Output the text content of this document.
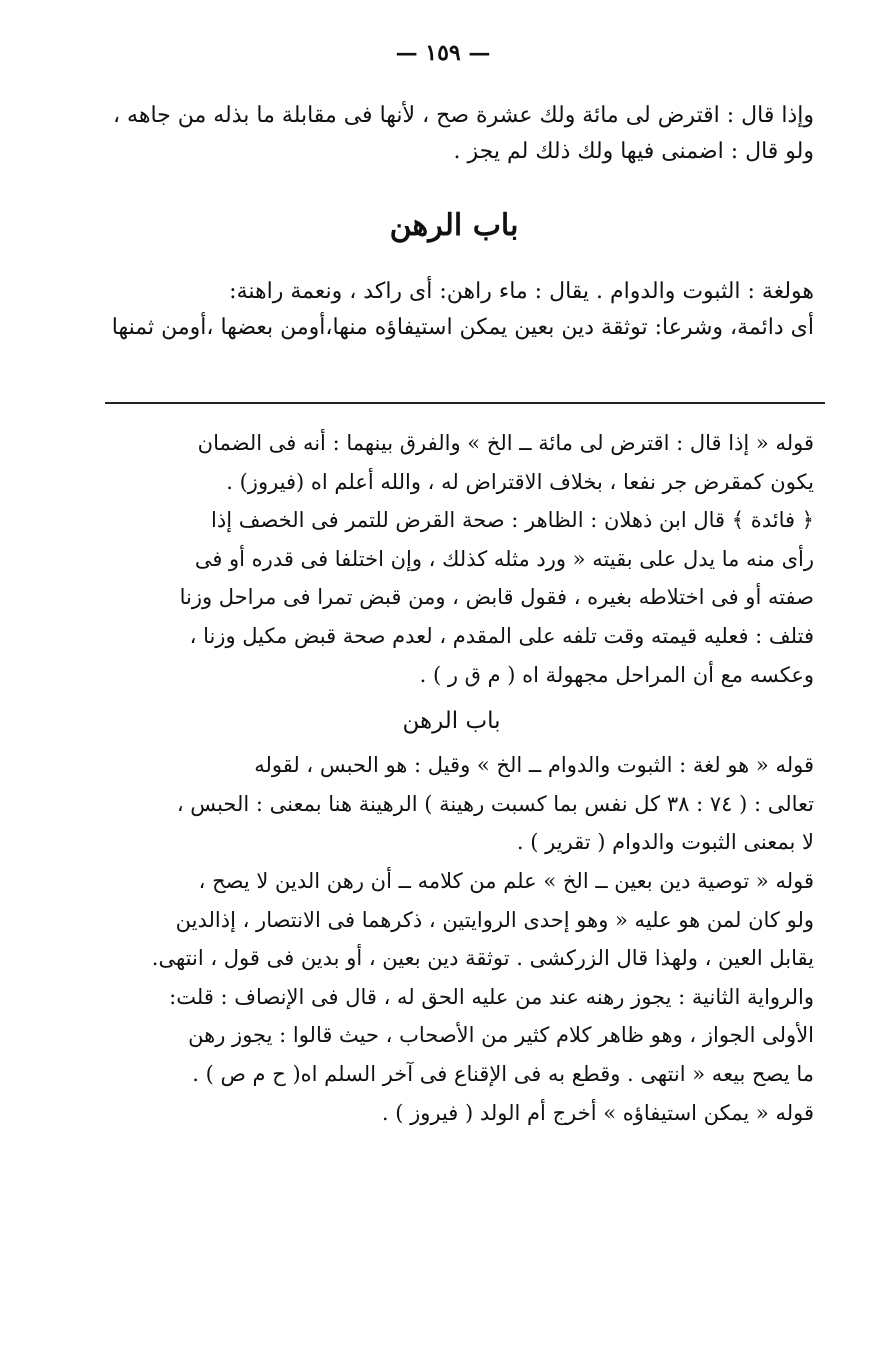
— ١٥٩ —
وإذا قال : اقترض لى مائة ولك عشرة صح ، لأنها فى مقابلة ما بذله من جاهه ،
ولو قال : اضمنى فيها ولك ذلك لم يجز .
باب الرهن
هولغة : الثبوت والدوام . يقال : ماء راهن: أى راكد ، ونعمة راهنة:
أى دائمة، وشرعا: توثقة دين بعين يمكن استيفاؤه منها،أومن بعضها ،أومن ثمنها
قوله « إذا قال : اقترض لى مائة ــ الخ » والفرق بينهما : أنه فى الضمان
يكون كمقرض جر نفعا ، بخلاف الاقتراض له ، والله أعلم اه (فيروز) .
﴿ فائدة ﴾ قال ابن ذهلان : الظاهر : صحة القرض للتمر فى الخصف إذا
رأى منه ما يدل على بقيته « ورد مثله كذلك ، وإن اختلفا فى قدره أو فى
صفته أو فى اختلاطه بغيره ، فقول قابض ، ومن قبض تمرا فى مراحل وزنا
فتلف : فعليه قيمته وقت تلفه على المقدم ، لعدم صحة قبض مكيل وزنا ،
وعكسه مع أن المراحل مجهولة اه ( م ق ر ) .
باب الرهن
قوله « هو لغة : الثبوت والدوام ــ الخ » وقيل : هو الحبس ، لقوله
تعالى : ( ٧٤ : ٣٨ كل نفس بما كسبت رهينة ) الرهينة هنا بمعنى : الحبس ،
لا بمعنى الثبوت والدوام ( تقرير ) .
قوله « توصية دين بعين ــ الخ » علم من كلامه ــ أن رهن الدين لا يصح ،
ولو كان لمن هو عليه « وهو إحدى الروايتين ، ذكرهما فى الانتصار ، إذالدين
يقابل العين ، ولهذا قال الزركشى . توثقة دين بعين ، أو بدين فى قول ، انتهى.
والرواية الثانية : يجوز رهنه عند من عليه الحق له ، قال فى الإنصاف : قلت:
الأولى الجواز ، وهو ظاهر كلام كثير من الأصحاب ، حيث قالوا : يجوز رهن
ما يصح بيعه « انتهى . وقطع به فى الإقناع فى آخر السلم اه( ح م ص ) .
قوله « يمكن استيفاؤه » أخرج أم الولد ( فيروز ) .
